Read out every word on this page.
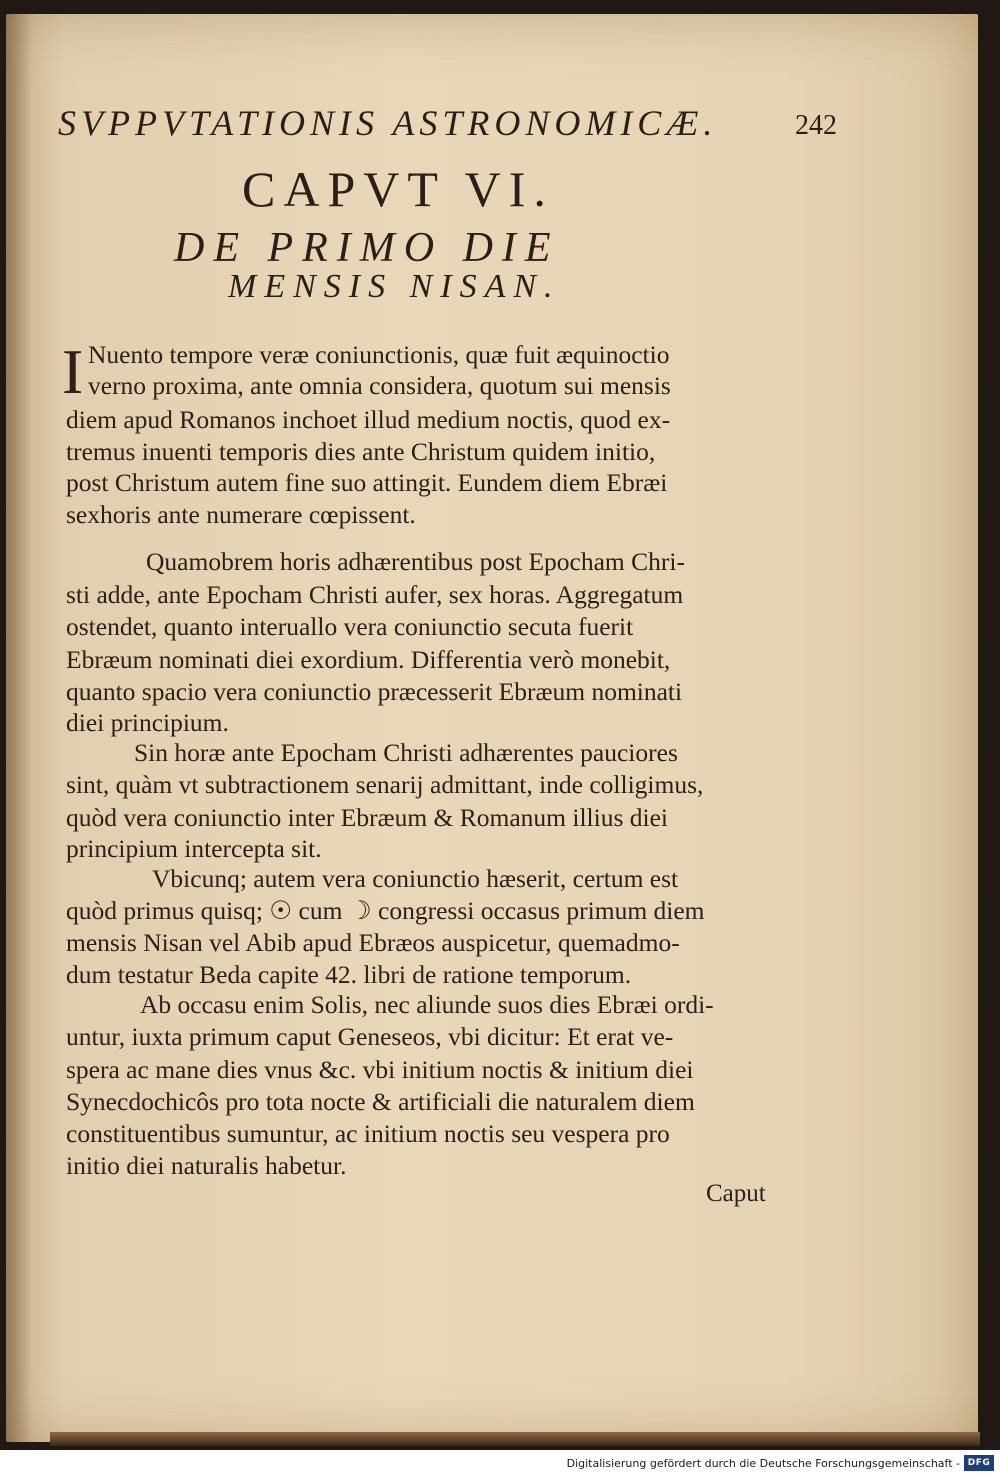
SVPPVTATIONIS ASTRONOMICÆ.	242
CAPVT VI.
DE PRIMO DIE
MENSIS NISAN.
I Nuento tempore veræ coniunctionis, quæ fuit æquinoctio
verno proxima, ante omnia considera, quotum sui mensis
diem apud Romanos inchoet illud medium noctis, quod ex-
tremus inuenti temporis dies ante Christum quidem initio,
post Christum autem fine suo attingit. Eundem diem Ebræi
sexhoris ante numerare cœpissent.
Quamobrem horis adhærentibus post Epocham Chri-
sti adde, ante Epocham Christi aufer, sex horas. Aggregatum
ostendet, quanto interuallo vera coniunctio secuta fuerit
Ebræum nominati diei exordium. Differentia verò monebit,
quanto spacio vera coniunctio præcesserit Ebræum nominati
diei principium.
Sin horæ ante Epocham Christi adhærentes pauciores
sint, quàm vt subtractionem senarij admittant, inde colligimus,
quòd vera coniunctio inter Ebræum & Romanum illius diei
principium intercepta sit.
Vbicunq; autem vera coniunctio hæserit, certum est
quòd primus quisq; ☉ cum ☽ congressi occasus primum diem
mensis Nisan vel Abib apud Ebræos auspicetur, quemadmo-
dum testatur Beda capite 42. libri de ratione temporum.
Ab occasu enim Solis, nec aliunde suos dies Ebræi ordi-
untur, iuxta primum caput Geneseos, vbi dicitur: Et erat ve-
spera ac mane dies vnus &c. vbi initium noctis & initium diei
Synecdochicôs pro tota nocte & artificiali die naturalem diem
constituentibus sumuntur, ac initium noctis seu vespera pro
initio diei naturalis habetur.
Caput
Digitalisierung gefördert durch die Deutsche Forschungsgemeinschaft - DFG
